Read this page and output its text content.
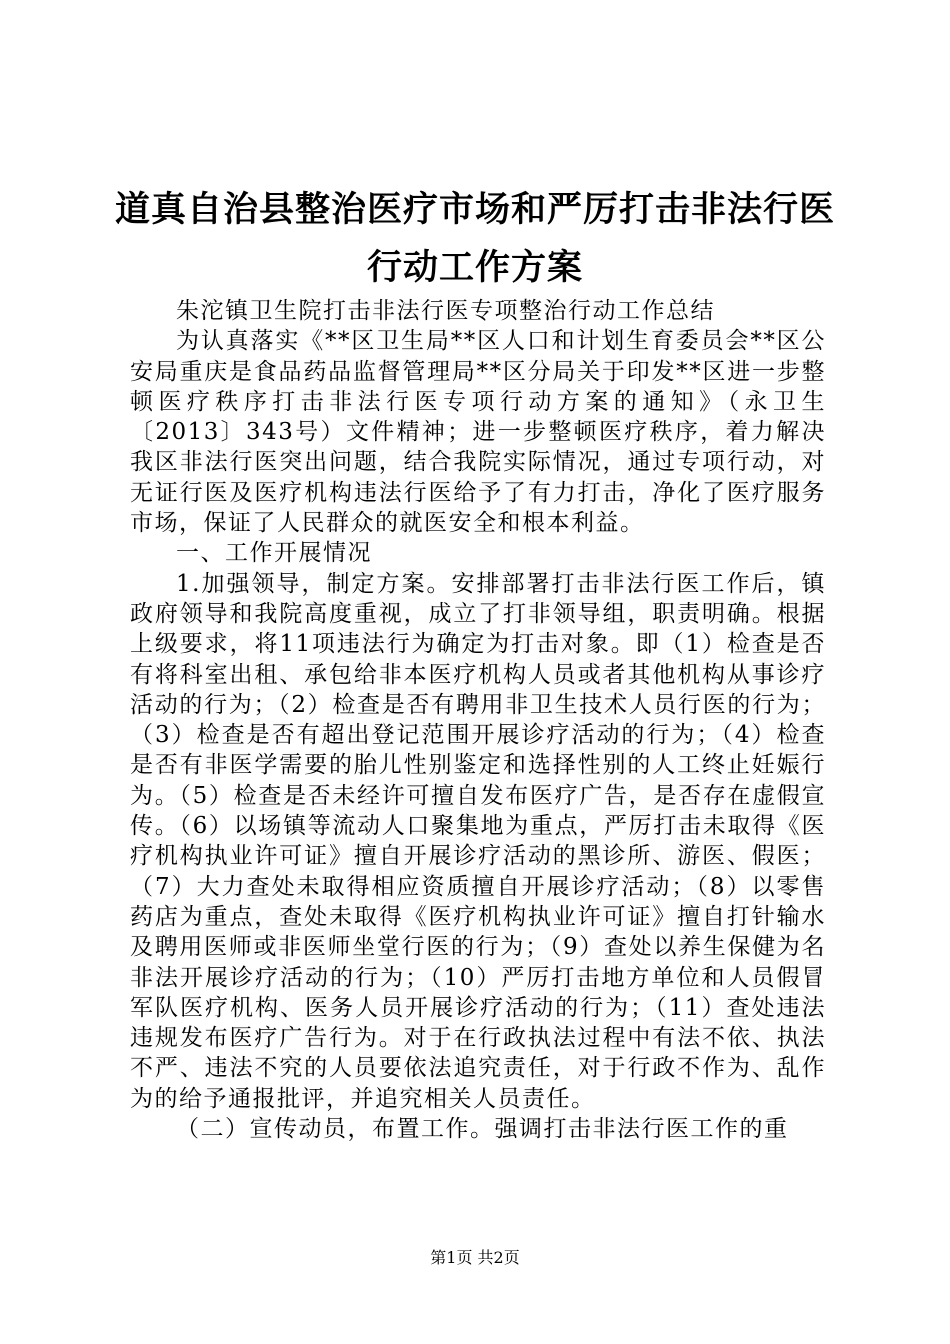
道真自治县整治医疗市场和严厉打击非法行医
行动工作方案

朱沱镇卫生院打击非法行医专项整治行动工作总结

为认真落实《**区卫生局**区人口和计划生育委员会**区公安局重庆是食品药品监督管理局**区分局关于印发**区进一步整顿医疗秩序打击非法行医专项行动方案的通知》（永卫生〔2013〕343号）文件精神；进一步整顿医疗秩序，着力解决我区非法行医突出问题，结合我院实际情况，通过专项行动，对无证行医及医疗机构违法行医给予了有力打击，净化了医疗服务市场，保证了人民群众的就医安全和根本利益。

一、工作开展情况

1.加强领导，制定方案。安排部署打击非法行医工作后，镇政府领导和我院高度重视，成立了打非领导组，职责明确。根据上级要求，将11项违法行为确定为打击对象。即（1）检查是否有将科室出租、承包给非本医疗机构人员或者其他机构从事诊疗活动的行为；（2）检查是否有聘用非卫生技术人员行医的行为；（3）检查是否有超出登记范围开展诊疗活动的行为；（4）检查是否有非医学需要的胎儿性别鉴定和选择性别的人工终止妊娠行为。（5）检查是否未经许可擅自发布医疗广告，是否存在虚假宣传。（6）以场镇等流动人口聚集地为重点，严厉打击未取得《医疗机构执业许可证》擅自开展诊疗活动的黑诊所、游医、假医；（7）大力查处未取得相应资质擅自开展诊疗活动；（8）以零售药店为重点，查处未取得《医疗机构执业许可证》擅自打针输水及聘用医师或非医师坐堂行医的行为；（9）查处以养生保健为名非法开展诊疗活动的行为；（10）严厉打击地方单位和人员假冒军队医疗机构、医务人员开展诊疗活动的行为；（11）查处违法违规发布医疗广告行为。对于在行政执法过程中有法不依、执法不严、违法不究的人员要依法追究责任，对于行政不作为、乱作为的给予通报批评，并追究相关人员责任。

（二）宣传动员，布置工作。强调打击非法行医工作的重

第1页 共2页
